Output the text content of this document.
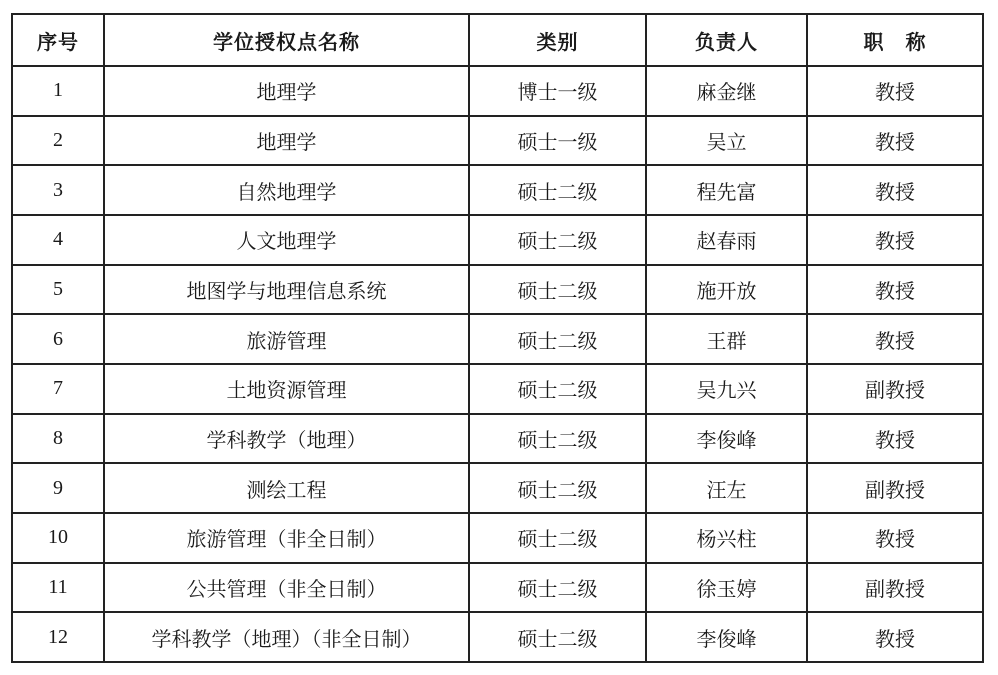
序号	学位授权点名称	类别	负责人	职　称
1	地理学	博士一级	麻金继	教授
2	地理学	硕士一级	吴立	教授
3	自然地理学	硕士二级	程先富	教授
4	人文地理学	硕士二级	赵春雨	教授
5	地图学与地理信息系统	硕士二级	施开放	教授
6	旅游管理	硕士二级	王群	教授
7	土地资源管理	硕士二级	吴九兴	副教授
8	学科教学（地理）	硕士二级	李俊峰	教授
9	测绘工程	硕士二级	汪左	副教授
10	旅游管理（非全日制）	硕士二级	杨兴柱	教授
11	公共管理（非全日制）	硕士二级	徐玉婷	副教授
12	学科教学（地理）（非全日制）	硕士二级	李俊峰	教授
